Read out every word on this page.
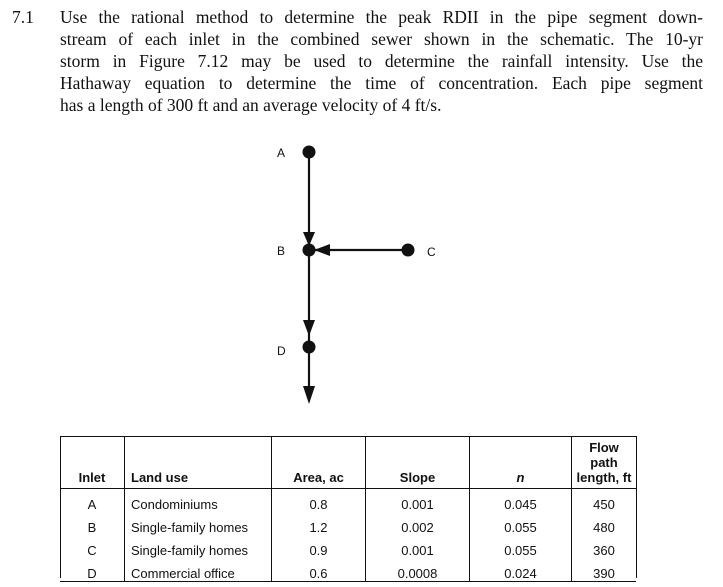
7.1 Use the rational method to determine the peak RDII in the pipe segment down-
stream of each inlet in the combined sewer shown in the schematic. The 10-yr
storm in Figure 7.12 may be used to determine the rainfall intensity. Use the
Hathaway equation to determine the time of concentration. Each pipe segment
has a length of 300 ft and an average velocity of 4 ft/s.
A
B	C
D
Inlet	Land use	Area, ac	Slope	n	Flow path
length, ft
A	Condominiums	0.8	0.001	0.045	450
B	Single-family homes	1.2	0.002	0.055	480
C	Single-family homes	0.9	0.001	0.055	360
D	Commercial office	0.6	0.0008	0.024	390
